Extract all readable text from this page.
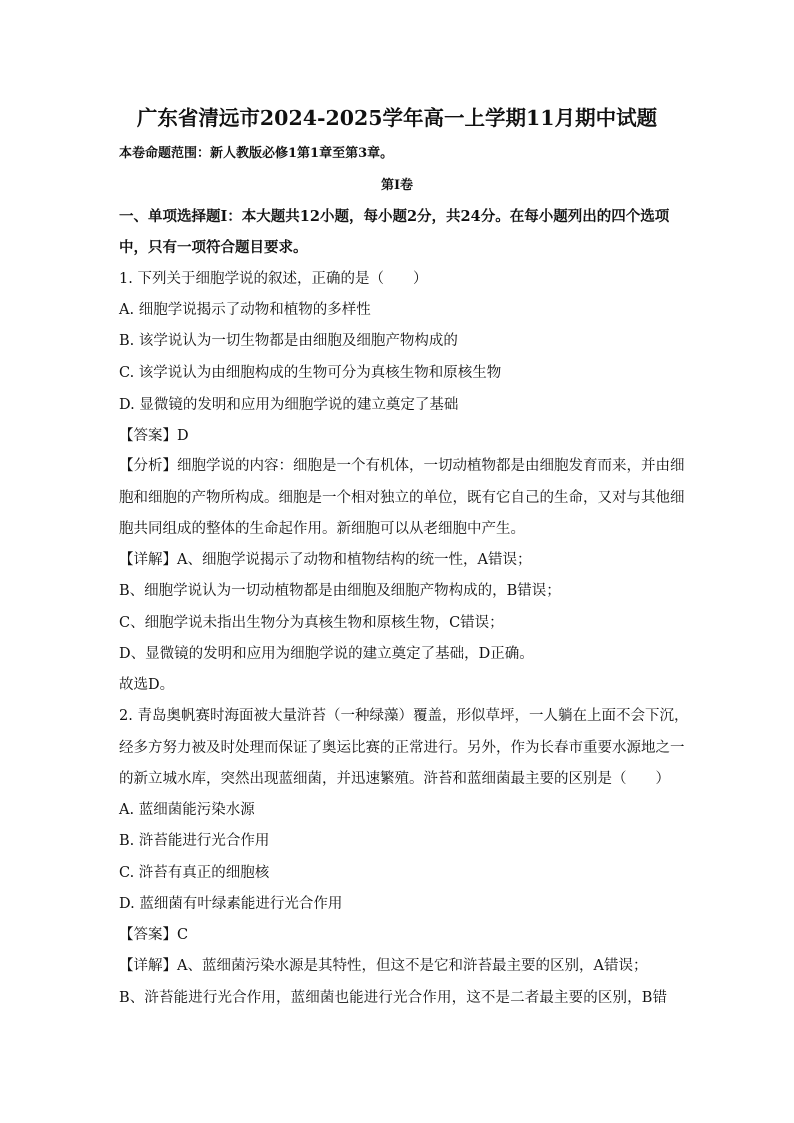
广东省清远市2024-2025学年高一上学期11月期中试题
本卷命题范围：新人教版必修1第1章至第3章。
第I卷
一、单项选择题I：本大题共12小题，每小题2分，共24分。在每小题列出的四个选项
中，只有一项符合题目要求。
1. 下列关于细胞学说的叙述，正确的是（　　）
A. 细胞学说揭示了动物和植物的多样性
B. 该学说认为一切生物都是由细胞及细胞产物构成的
C. 该学说认为由细胞构成的生物可分为真核生物和原核生物
D. 显微镜的发明和应用为细胞学说的建立奠定了基础
【答案】D
【分析】细胞学说的内容：细胞是一个有机体，一切动植物都是由细胞发育而来，并由细
胞和细胞的产物所构成。细胞是一个相对独立的单位，既有它自己的生命，又对与其他细
胞共同组成的整体的生命起作用。新细胞可以从老细胞中产生。
【详解】A、细胞学说揭示了动物和植物结构的统一性，A错误；
B、细胞学说认为一切动植物都是由细胞及细胞产物构成的，B错误；
C、细胞学说未指出生物分为真核生物和原核生物，C错误；
D、显微镜的发明和应用为细胞学说的建立奠定了基础，D正确。
故选D。
2. 青岛奥帆赛时海面被大量浒苔（一种绿藻）覆盖，形似草坪，一人躺在上面不会下沉，
经多方努力被及时处理而保证了奥运比赛的正常进行。另外，作为长春市重要水源地之一
的新立城水库，突然出现蓝细菌，并迅速繁殖。浒苔和蓝细菌最主要的区别是（　　）
A. 蓝细菌能污染水源
B. 浒苔能进行光合作用
C. 浒苔有真正的细胞核
D. 蓝细菌有叶绿素能进行光合作用
【答案】C
【详解】A、蓝细菌污染水源是其特性，但这不是它和浒苔最主要的区别，A错误；
B、浒苔能进行光合作用，蓝细菌也能进行光合作用，这不是二者最主要的区别，B错
